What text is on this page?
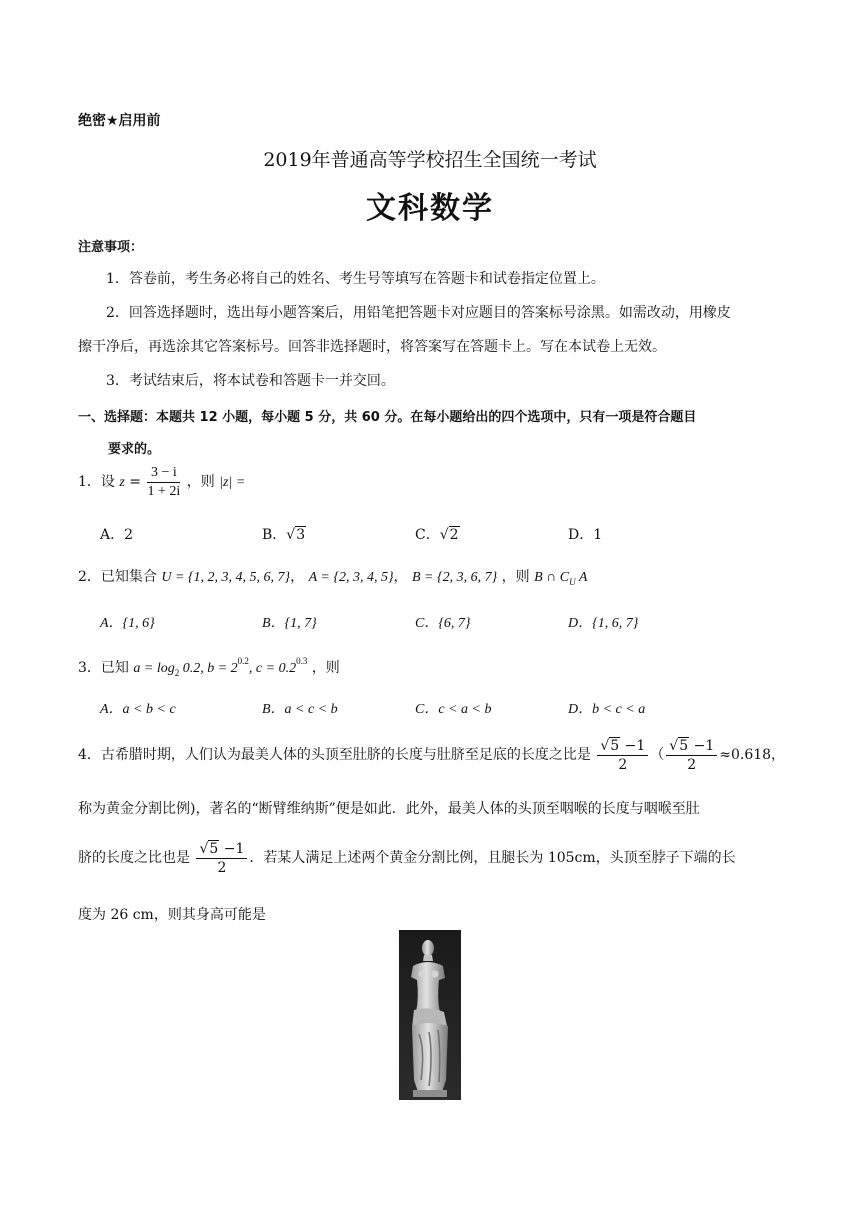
绝密★启用前
2019年普通高等学校招生全国统一考试
文科数学
注意事项：
1．答卷前，考生务必将自己的姓名、考生号等填写在答题卡和试卷指定位置上。
2．回答选择题时，选出每小题答案后，用铅笔把答题卡对应题目的答案标号涂黑。如需改动，用橡皮
擦干净后，再选涂其它答案标号。回答非选择题时，将答案写在答题卡上。写在本试卷上无效。
3．考试结束后，将本试卷和答题卡一并交回。
一、选择题：本题共 12 小题，每小题 5 分，共 60 分。在每小题给出的四个选项中，只有一项是符合题目
要求的。
1．设 $z = \frac{3 - i}{1 + 2i}$ ，则 |z| =
A．2	B．√3	C．√2	D．1
2．已知集合 U = {1, 2, 3, 4, 5, 6, 7}， A = {2, 3, 4, 5}， B = {2, 3, 6, 7} ，则 B ∩ $C_U$ A
A．{1, 6}	B．{1, 7}	C．{6, 7}	D．{1, 6, 7}
3．已知 $a = \log_2 0.2$, $b = 2^{0.2}$, $c = 0.2^{0.3}$ ，则
A．a < b < c	B．a < c < b	C．c < a < b	D．b < c < a
4．古希腊时期，人们认为最美人体的头顶至肚脐的长度与肚脐至足底的长度之比是 $\frac{√5 -1}{2}$ （ $\frac{√5 -1}{2} \approx 0.618$，
称为黄金分割比例)，著名的“断臂维纳斯”便是如此．此外，最美人体的头顶至咽喉的长度与咽喉至肚
脐的长度之比也是 $\frac{√5 -1}{2}$ ．若某人满足上述两个黄金分割比例，且腿长为 105cm，头顶至脖子下端的长
度为 26 cm，则其身高可能是
